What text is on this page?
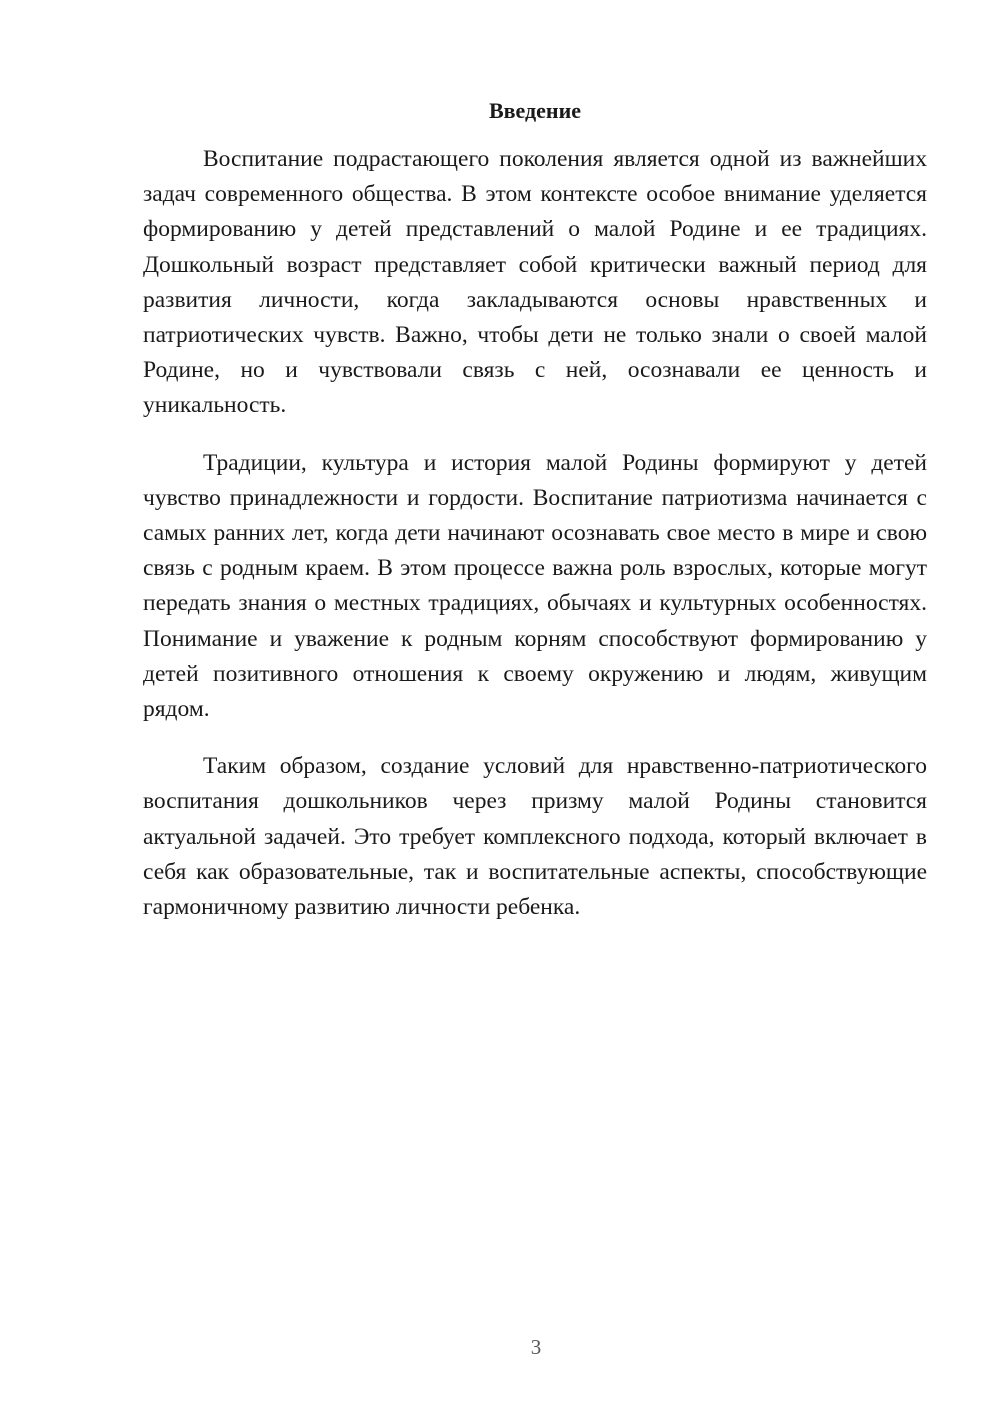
Введение

Воспитание подрастающего поколения является одной из важнейших задач современного общества. В этом контексте особое внимание уделяется формированию у детей представлений о малой Родине и ее традициях. Дошкольный возраст представляет собой критически важный период для развития личности, когда закладываются основы нравственных и патриотических чувств. Важно, чтобы дети не только знали о своей малой Родине, но и чувствовали связь с ней, осознавали ее ценность и уникальность.

Традиции, культура и история малой Родины формируют у детей чувство принадлежности и гордости. Воспитание патриотизма начинается с самых ранних лет, когда дети начинают осознавать свое место в мире и свою связь с родным краем. В этом процессе важна роль взрослых, которые могут передать знания о местных традициях, обычаях и культурных особенностях. Понимание и уважение к родным корням способствуют формированию у детей позитивного отношения к своему окружению и людям, живущим рядом.

Таким образом, создание условий для нравственно-патриотического воспитания дошкольников через призму малой Родины становится актуальной задачей. Это требует комплексного подхода, который включает в себя как образовательные, так и воспитательные аспекты, способствующие гармоничному развитию личности ребенка.

3
